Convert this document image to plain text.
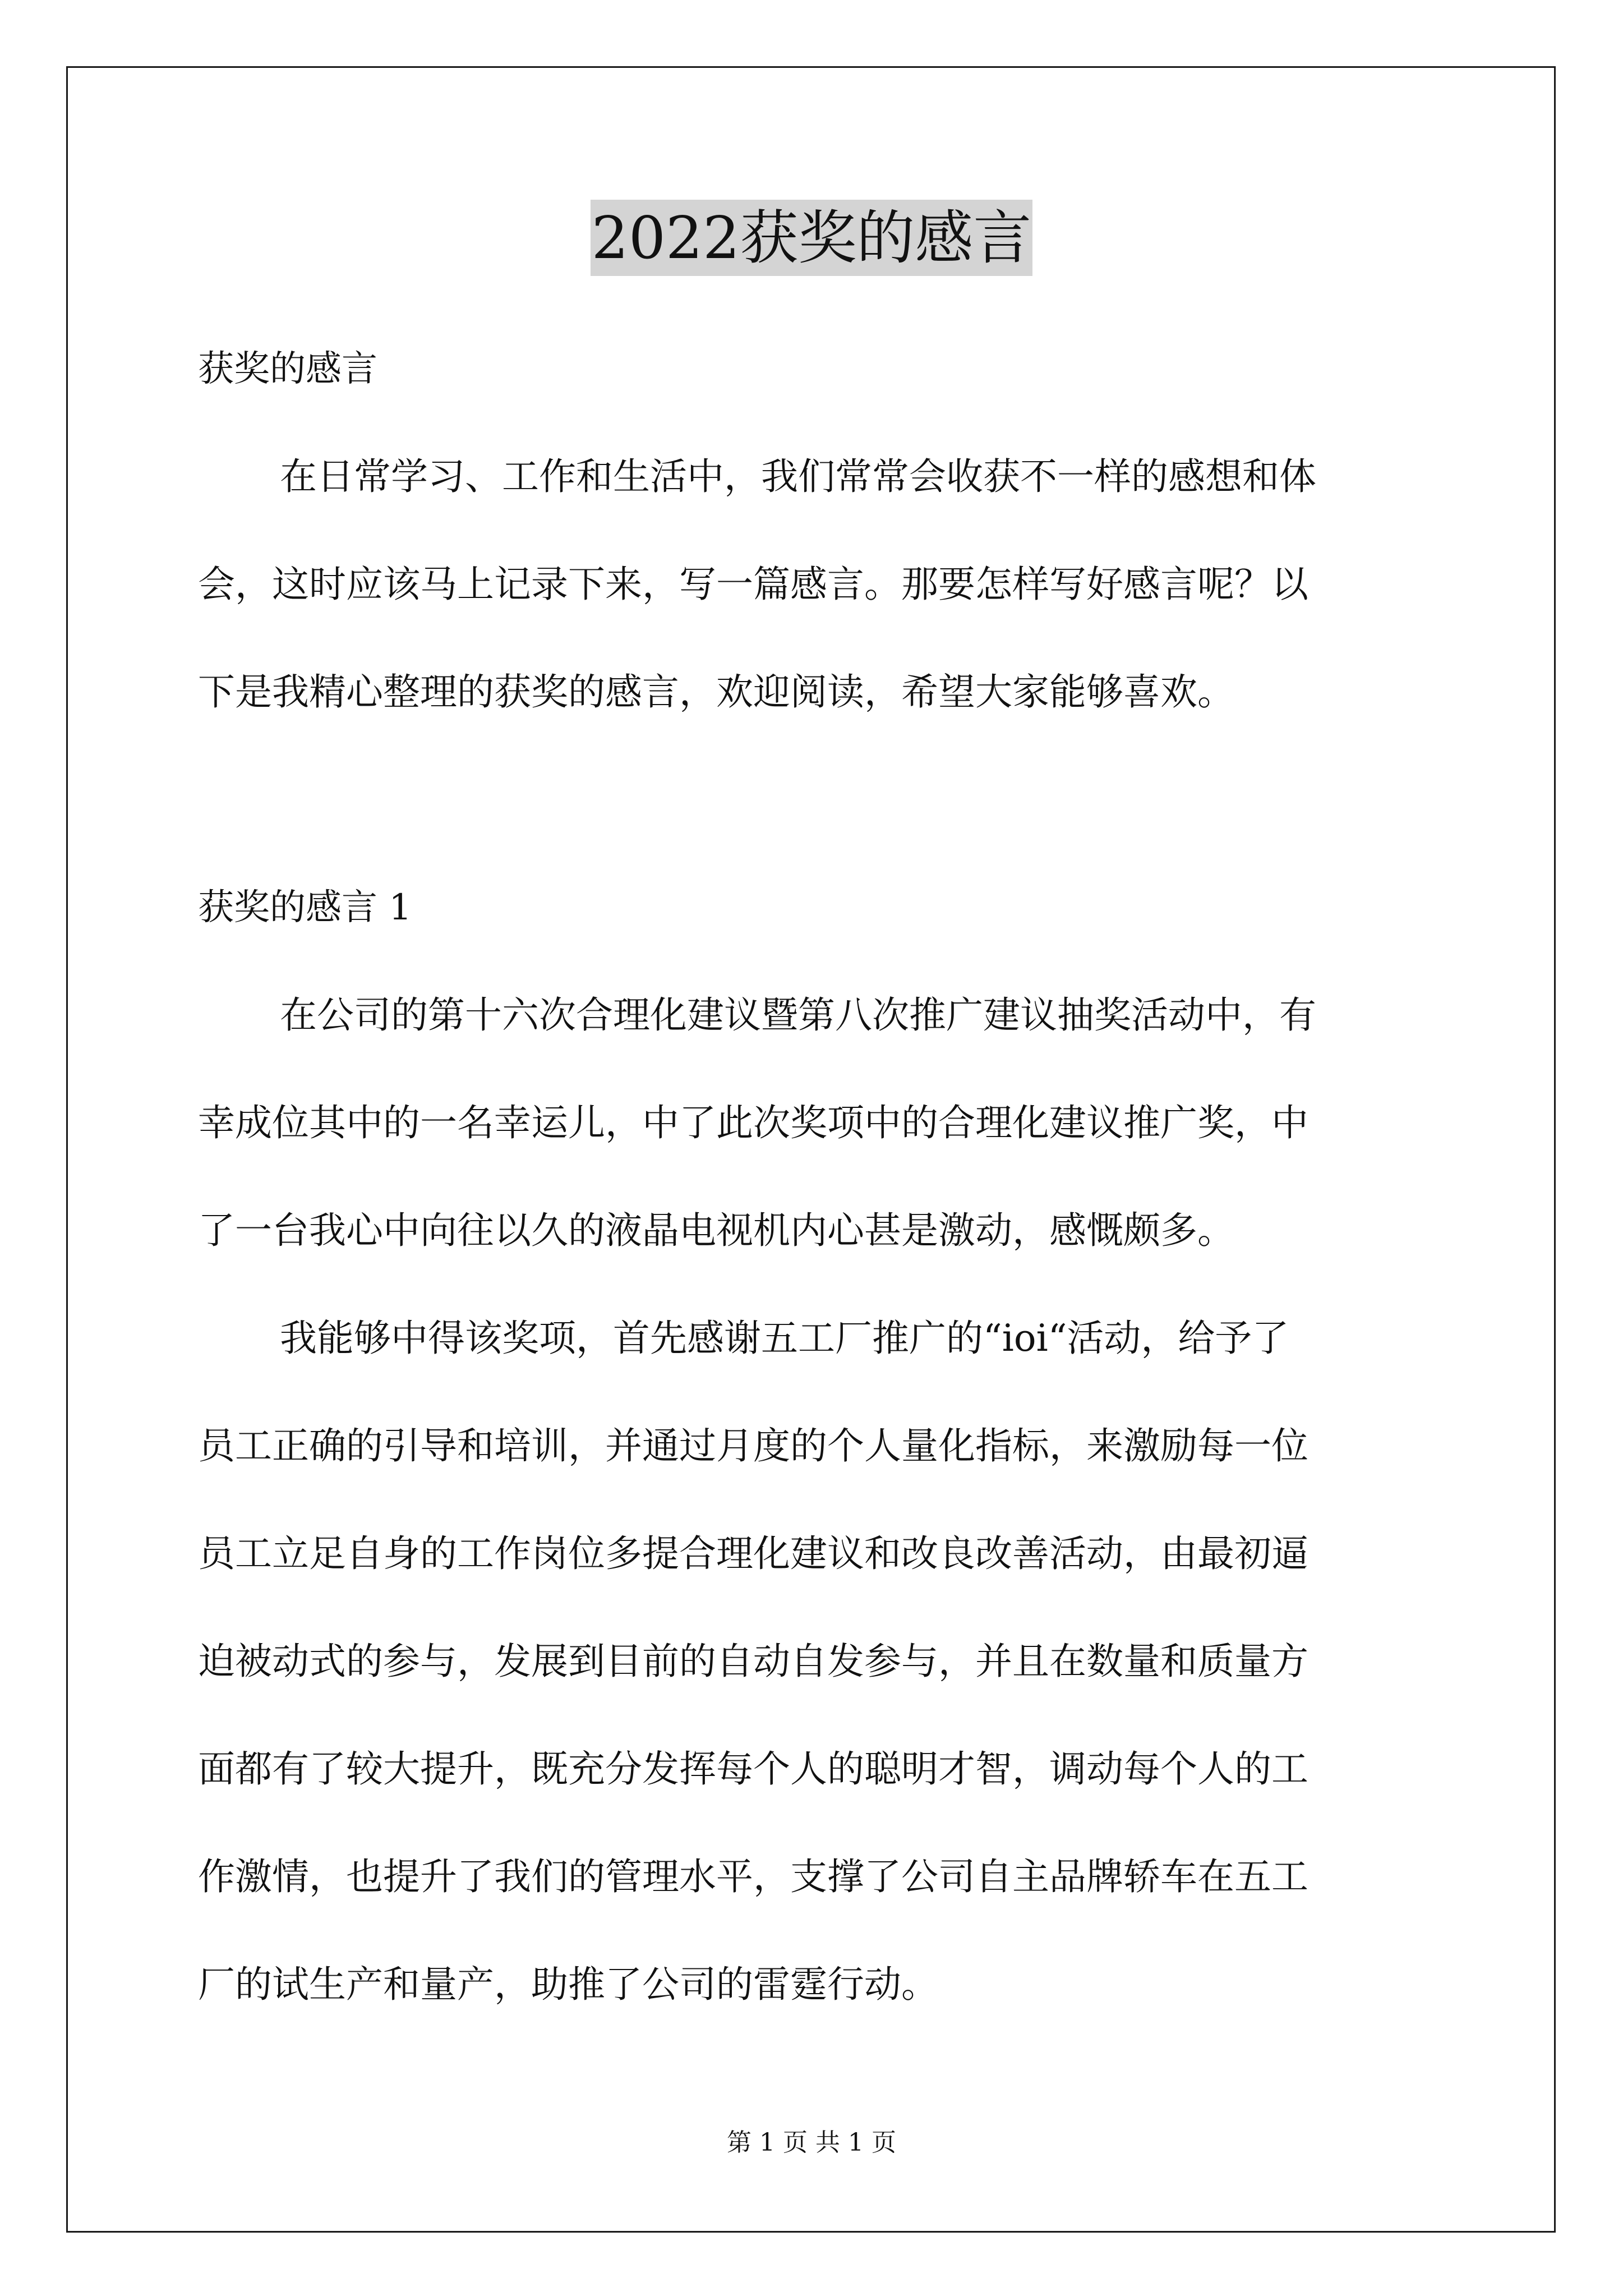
2022获奖的感言
获奖的感言
在日常学习、工作和生活中，我们常常会收获不一样的感想和体
会，这时应该马上记录下来，写一篇感言。那要怎样写好感言呢？以
下是我精心整理的获奖的感言，欢迎阅读，希望大家能够喜欢。
获奖的感言 1
在公司的第十六次合理化建议暨第八次推广建议抽奖活动中，有
幸成位其中的一名幸运儿，中了此次奖项中的合理化建议推广奖，中
了一台我心中向往以久的液晶电视机内心甚是激动，感慨颇多。
我能够中得该奖项，首先感谢五工厂推广的“ioi“活动，给予了
员工正确的引导和培训，并通过月度的个人量化指标，来激励每一位
员工立足自身的工作岗位多提合理化建议和改良改善活动，由最初逼
迫被动式的参与，发展到目前的自动自发参与，并且在数量和质量方
面都有了较大提升，既充分发挥每个人的聪明才智，调动每个人的工
作激情，也提升了我们的管理水平，支撑了公司自主品牌轿车在五工
厂的试生产和量产，助推了公司的雷霆行动。
第 1 页 共 1 页
